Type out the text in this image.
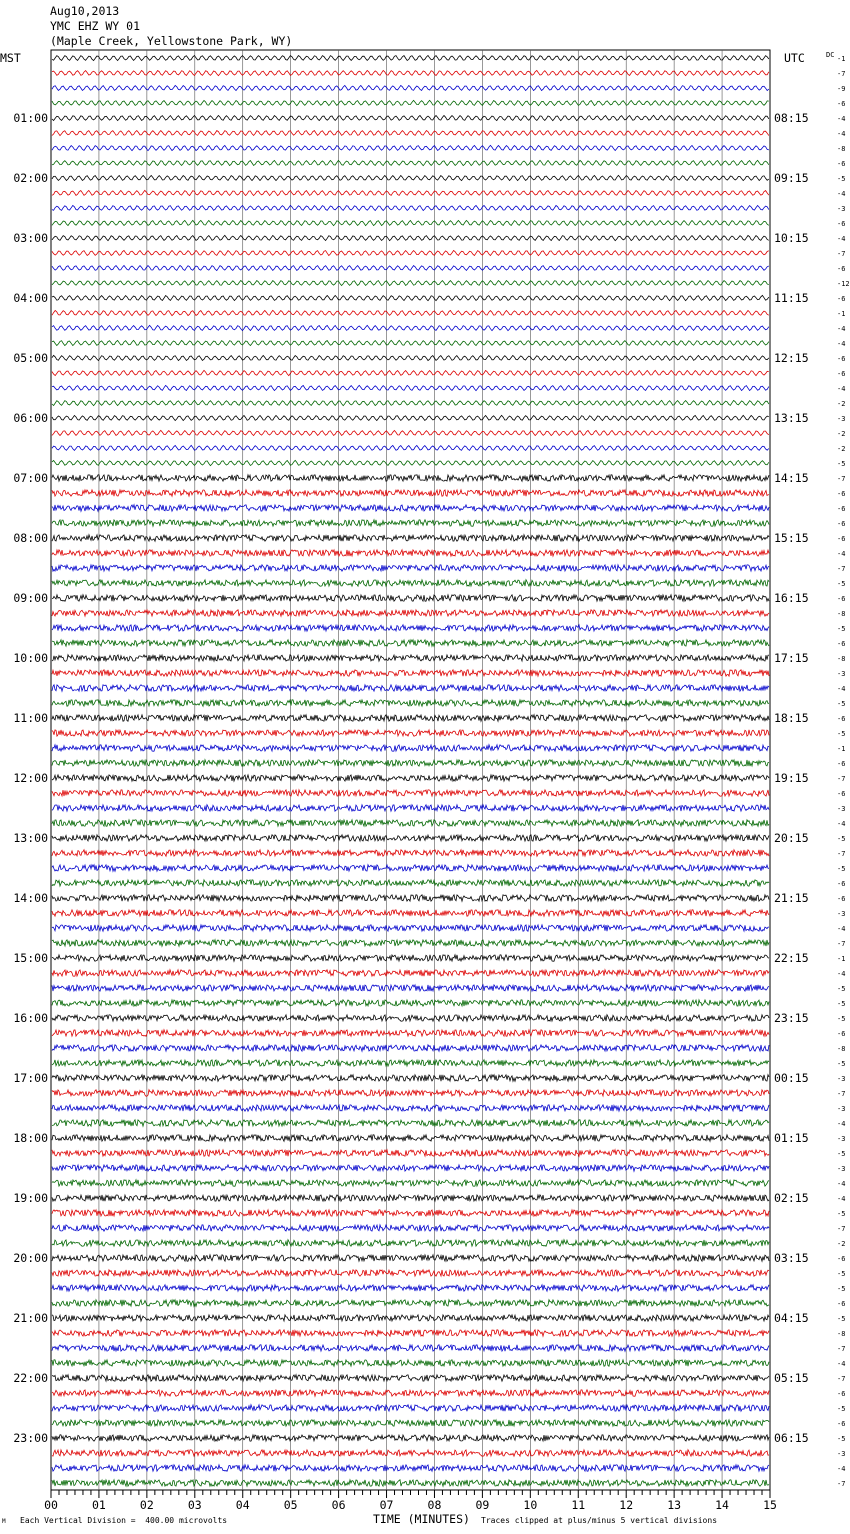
Aug10,2013
YMC EHZ WY 01
(Maple Creek, Yellowstone Park, WY)
MST	UTC	-1
-7
-9
-6
-4
-4
-8
-6
-5
-4
-3
-6
-4
-7
-6
-12
-6
-1
-4
-4
-6
-6
-4
-2
-3
-2
-2
-5
-7
-6
-6
-6
-6
-4
-7
-5
-6
-8
-5
-6
-8
-3
-4
-5
-6
-5
-1
-6
-7
-6
-3
-4
-5
-7
-5
-6
-6
-3
-4
-7
-1
-4
-5
-5
-5
-6
-8
-5
-3
-7
-3
-4
-3
-5
-3
-4
-4
-5
-7
-2
-6
-5
-5
-6
-5
-8
-7
-4
-7
-6
-5
-6
-5
-3
-4
-7
DC
01:00
02:00
03:00
04:00
05:00
06:00
07:00
08:00
09:00
10:00
11:00
12:00
13:00
14:00
15:00
16:00
17:00
18:00
19:00
20:00
21:00
22:00
23:00
08:15
09:15
10:15
11:15
12:15
13:15
14:15
15:15
16:15
17:15
18:15
19:15
20:15
21:15
22:15
23:15
00:15
01:15
02:15
03:15
04:15
05:15
06:15
00	01	02	03	04	05	06	07	08	09	10	11	12	13	14	15
M Each Vertical Division =  400.00 microvolts	TIME (MINUTES) Traces clipped at plus/minus 5 vertical divisions
